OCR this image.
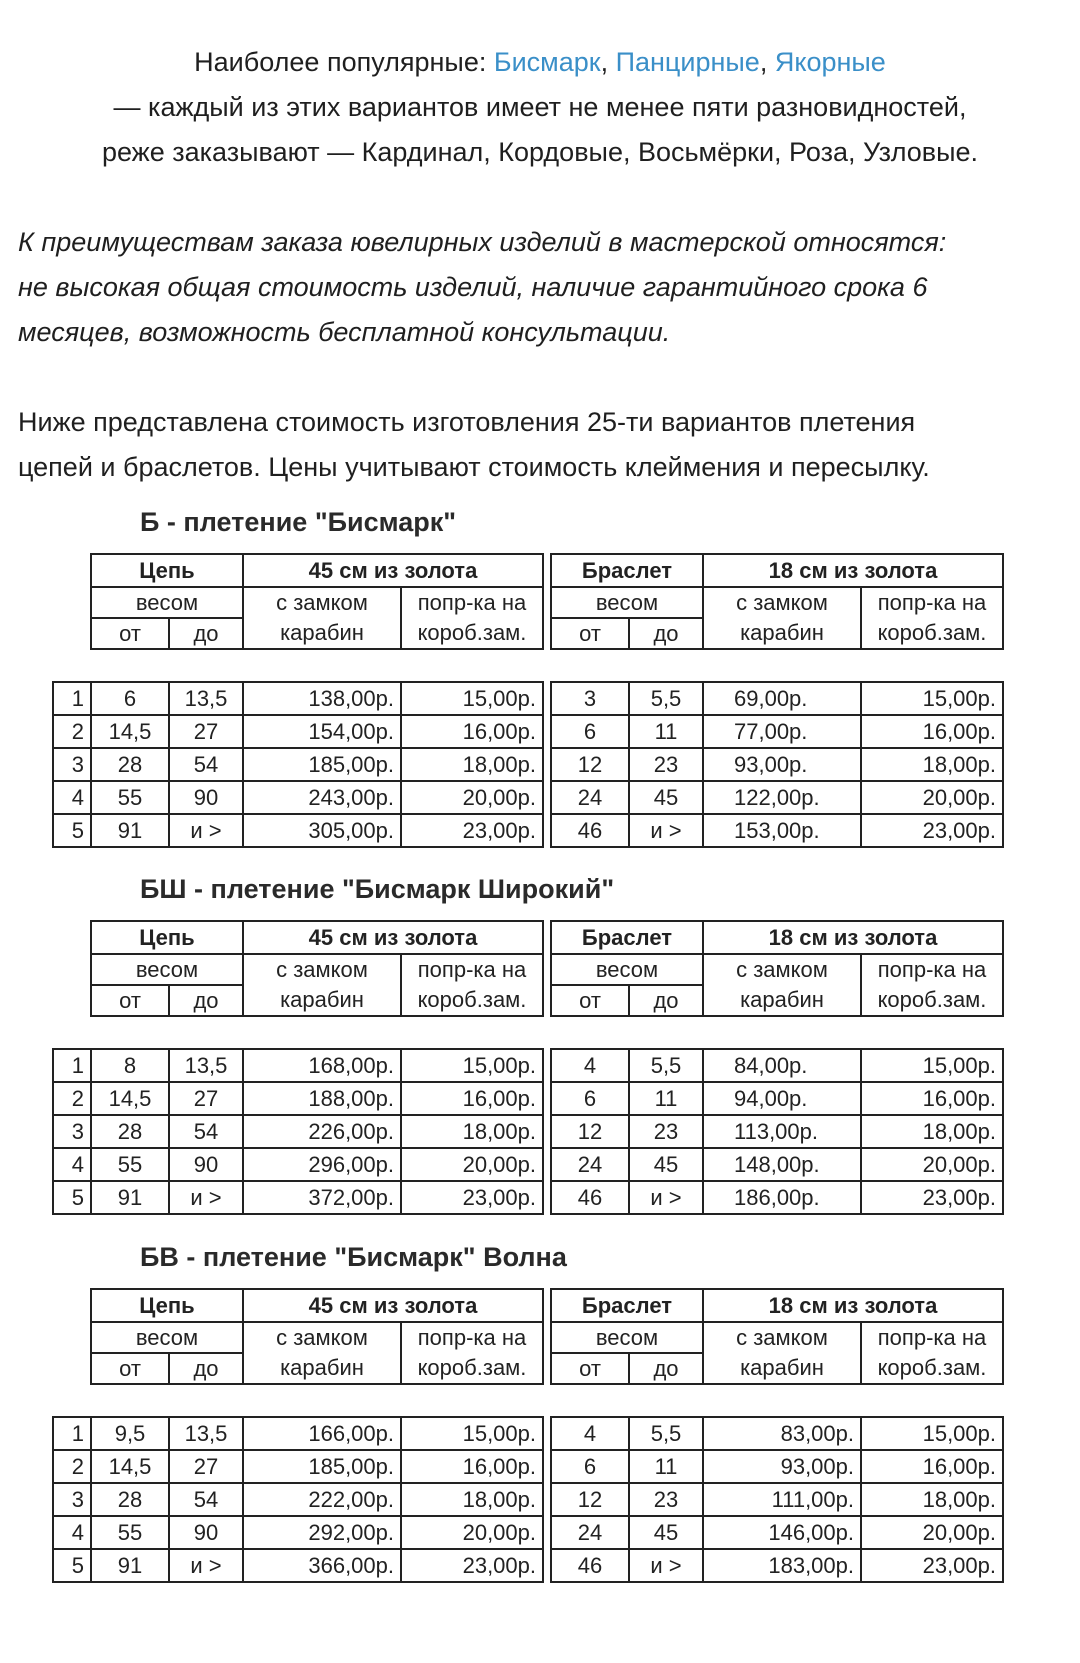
Наиболее популярные: Бисмарк, Панцирные, Якорные
— каждый из этих вариантов имеет не менее пяти разновидностей,
реже заказывают — Кардинал, Кордовые, Восьмёрки, Роза, Узловые.
К преимуществам заказа ювелирных изделий в мастерской относятся:
не высокая общая стоимость изделий, наличие гарантийного срока 6
месяцев, возможность бесплатной консультации.
Ниже представлена стоимость изготовления 25-ти вариантов плетения
цепей и браслетов. Цены учитывают стоимость клеймения и пересылку.
Б - плетение "Бисмарк"
	Цепь		45 см из золота			Браслет		18 см из золота	
	весом		с замком	попр-ка на		весом		с замком	попр-ка на
	от	до	карабин	короб.зам.		от	до	карабин	короб.зам.

1	6	13,5	138,00р.	15,00р.		3	5,5	69,00р.	15,00р.
2	14,5	27	154,00р.	16,00р.		6	11	77,00р.	16,00р.
3	28	54	185,00р.	18,00р.		12	23	93,00р.	18,00р.
4	55	90	243,00р.	20,00р.		24	45	122,00р.	20,00р.
5	91	и >	305,00р.	23,00р.		46	и >	153,00р.	23,00р.
БШ - плетение "Бисмарк Широкий"
	Цепь		45 см из золота			Браслет		18 см из золота	
	весом		с замком	попр-ка на		весом		с замком	попр-ка на
	от	до	карабин	короб.зам.		от	до	карабин	короб.зам.

1	8	13,5	168,00р.	15,00р.		4	5,5	84,00р.	15,00р.
2	14,5	27	188,00р.	16,00р.		6	11	94,00р.	16,00р.
3	28	54	226,00р.	18,00р.		12	23	113,00р.	18,00р.
4	55	90	296,00р.	20,00р.		24	45	148,00р.	20,00р.
5	91	и >	372,00р.	23,00р.		46	и >	186,00р.	23,00р.
БВ - плетение "Бисмарк" Волна
	Цепь		45 см из золота			Браслет		18 см из золота	
	весом		с замком	попр-ка на		весом		с замком	попр-ка на
	от	до	карабин	короб.зам.		от	до	карабин	короб.зам.

1	9,5	13,5	166,00р.	15,00р.		4	5,5	83,00р.	15,00р.
2	14,5	27	185,00р.	16,00р.		6	11	93,00р.	16,00р.
3	28	54	222,00р.	18,00р.		12	23	111,00р.	18,00р.
4	55	90	292,00р.	20,00р.		24	45	146,00р.	20,00р.
5	91	и >	366,00р.	23,00р.		46	и >	183,00р.	23,00р.
